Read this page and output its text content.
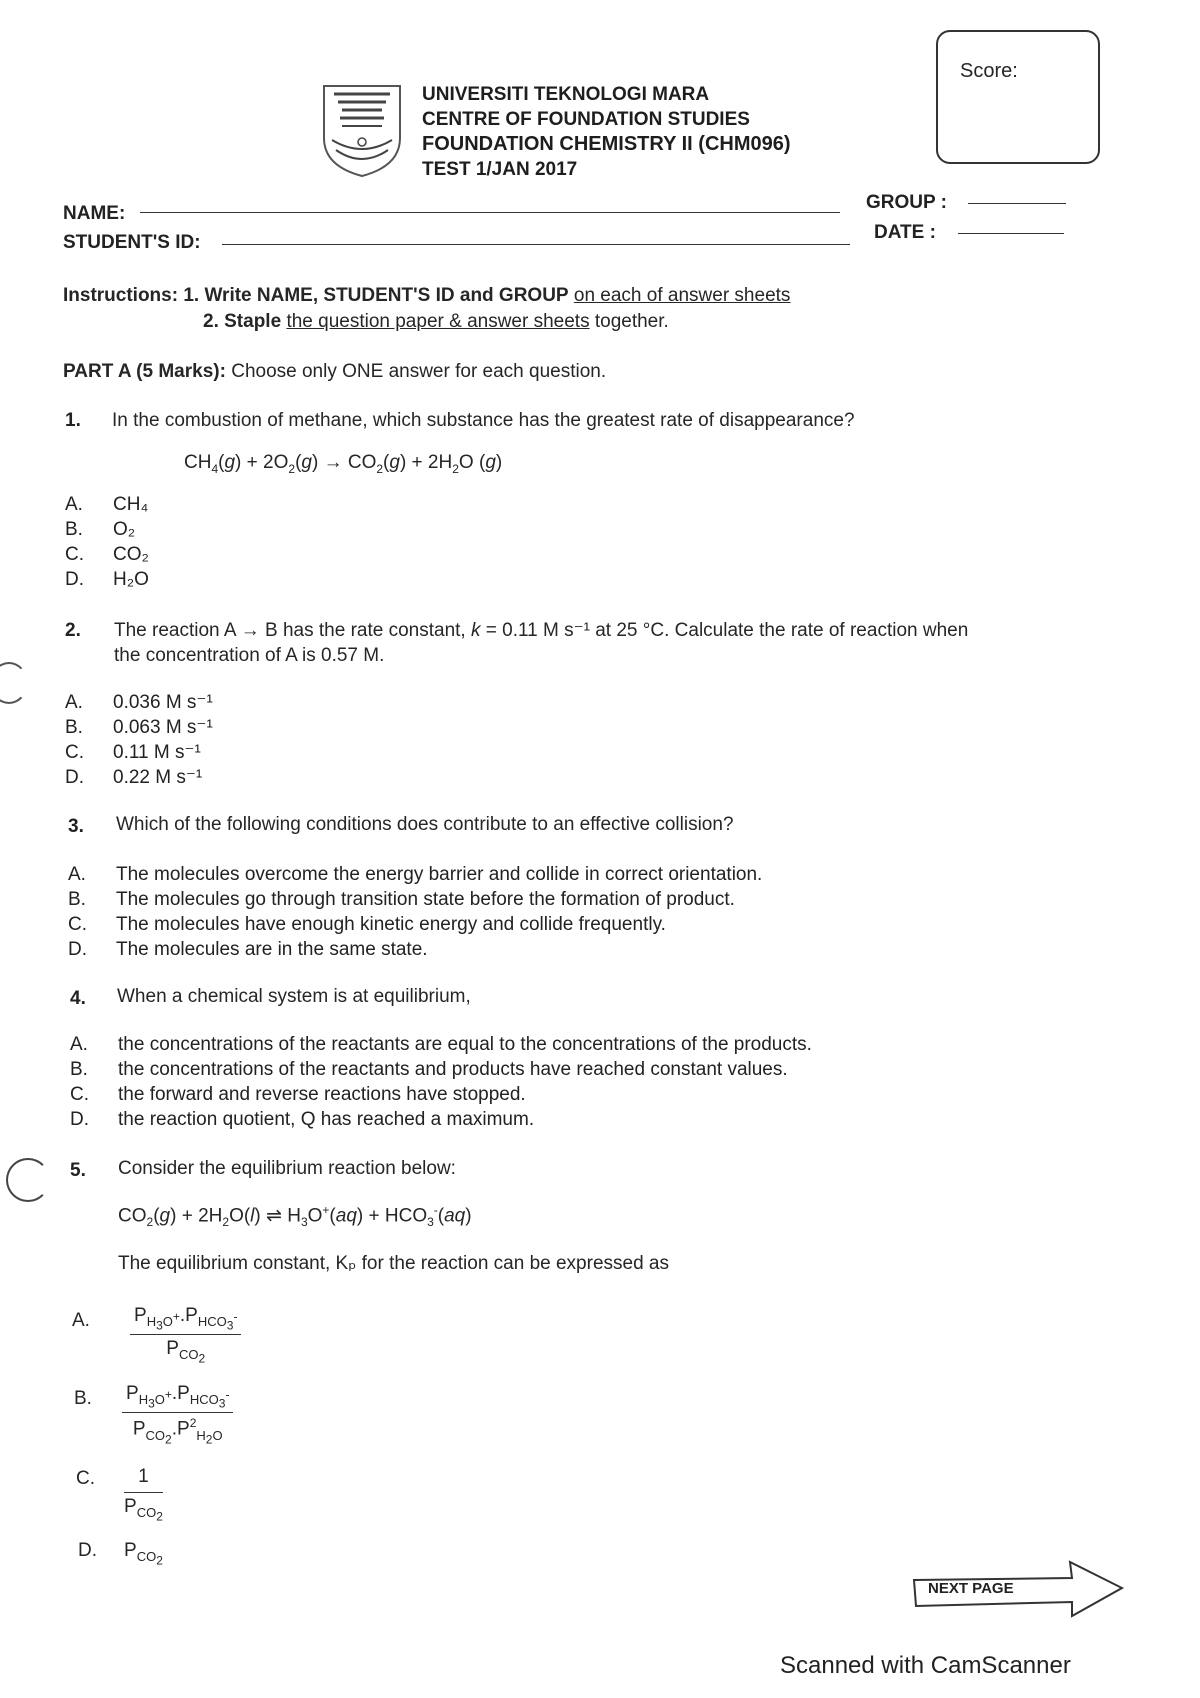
Score:
UNIVERSITI TEKNOLOGI MARA
CENTRE OF FOUNDATION STUDIES
FOUNDATION CHEMISTRY II (CHM096)
TEST 1/JAN 2017
NAME:
STUDENT'S ID:
GROUP :
DATE :
Instructions: 1. Write NAME, STUDENT'S ID and GROUP on each of answer sheets
2. Staple the question paper & answer sheets together.
PART A (5 Marks): Choose only ONE answer for each question.
1. In the combustion of methane, which substance has the greatest rate of disappearance?
$CH_4(g) + 2O_2(g) \to CO_2(g) + 2H_2O$ (g)
A. CH₄
B. O₂
C. CO₂
D. H₂O
2. The reaction A → B has the rate constant, k = 0.11 M s⁻¹ at 25 °C. Calculate the rate of reaction when
the concentration of A is 0.57 M.
A. 0.036 M s⁻¹
B. 0.063 M s⁻¹
C. 0.11 M s⁻¹
D. 0.22 M s⁻¹
3. Which of the following conditions does contribute to an effective collision?
A. The molecules overcome the energy barrier and collide in correct orientation.
B. The molecules go through transition state before the formation of product.
C. The molecules have enough kinetic energy and collide frequently.
D. The molecules are in the same state.
4. When a chemical system is at equilibrium,
A. the concentrations of the reactants are equal to the concentrations of the products.
B. the concentrations of the reactants and products have reached constant values.
C. the forward and reverse reactions have stopped.
D. the reaction quotient, Q has reached a maximum.
5. Consider the equilibrium reaction below:
$CO_2(g) + 2H_2O(l)$ ⇌ $H_3O^+(aq) + HCO_3^-(aq)$
The equilibrium constant, Kₚ for the reaction can be expressed as
A. $\frac{P_{H_3O^+}.P_{HCO_3^-}}{P_{CO_2}}$
B. $\frac{P_{H_3O^+}.P_{HCO_3^-}}{P_{CO_2}.P^2_{H_2O}}$
C. $\frac{1}{P_{CO_2}}$
D. $P_{CO_2}$
NEXT PAGE
Scanned with CamScanner
